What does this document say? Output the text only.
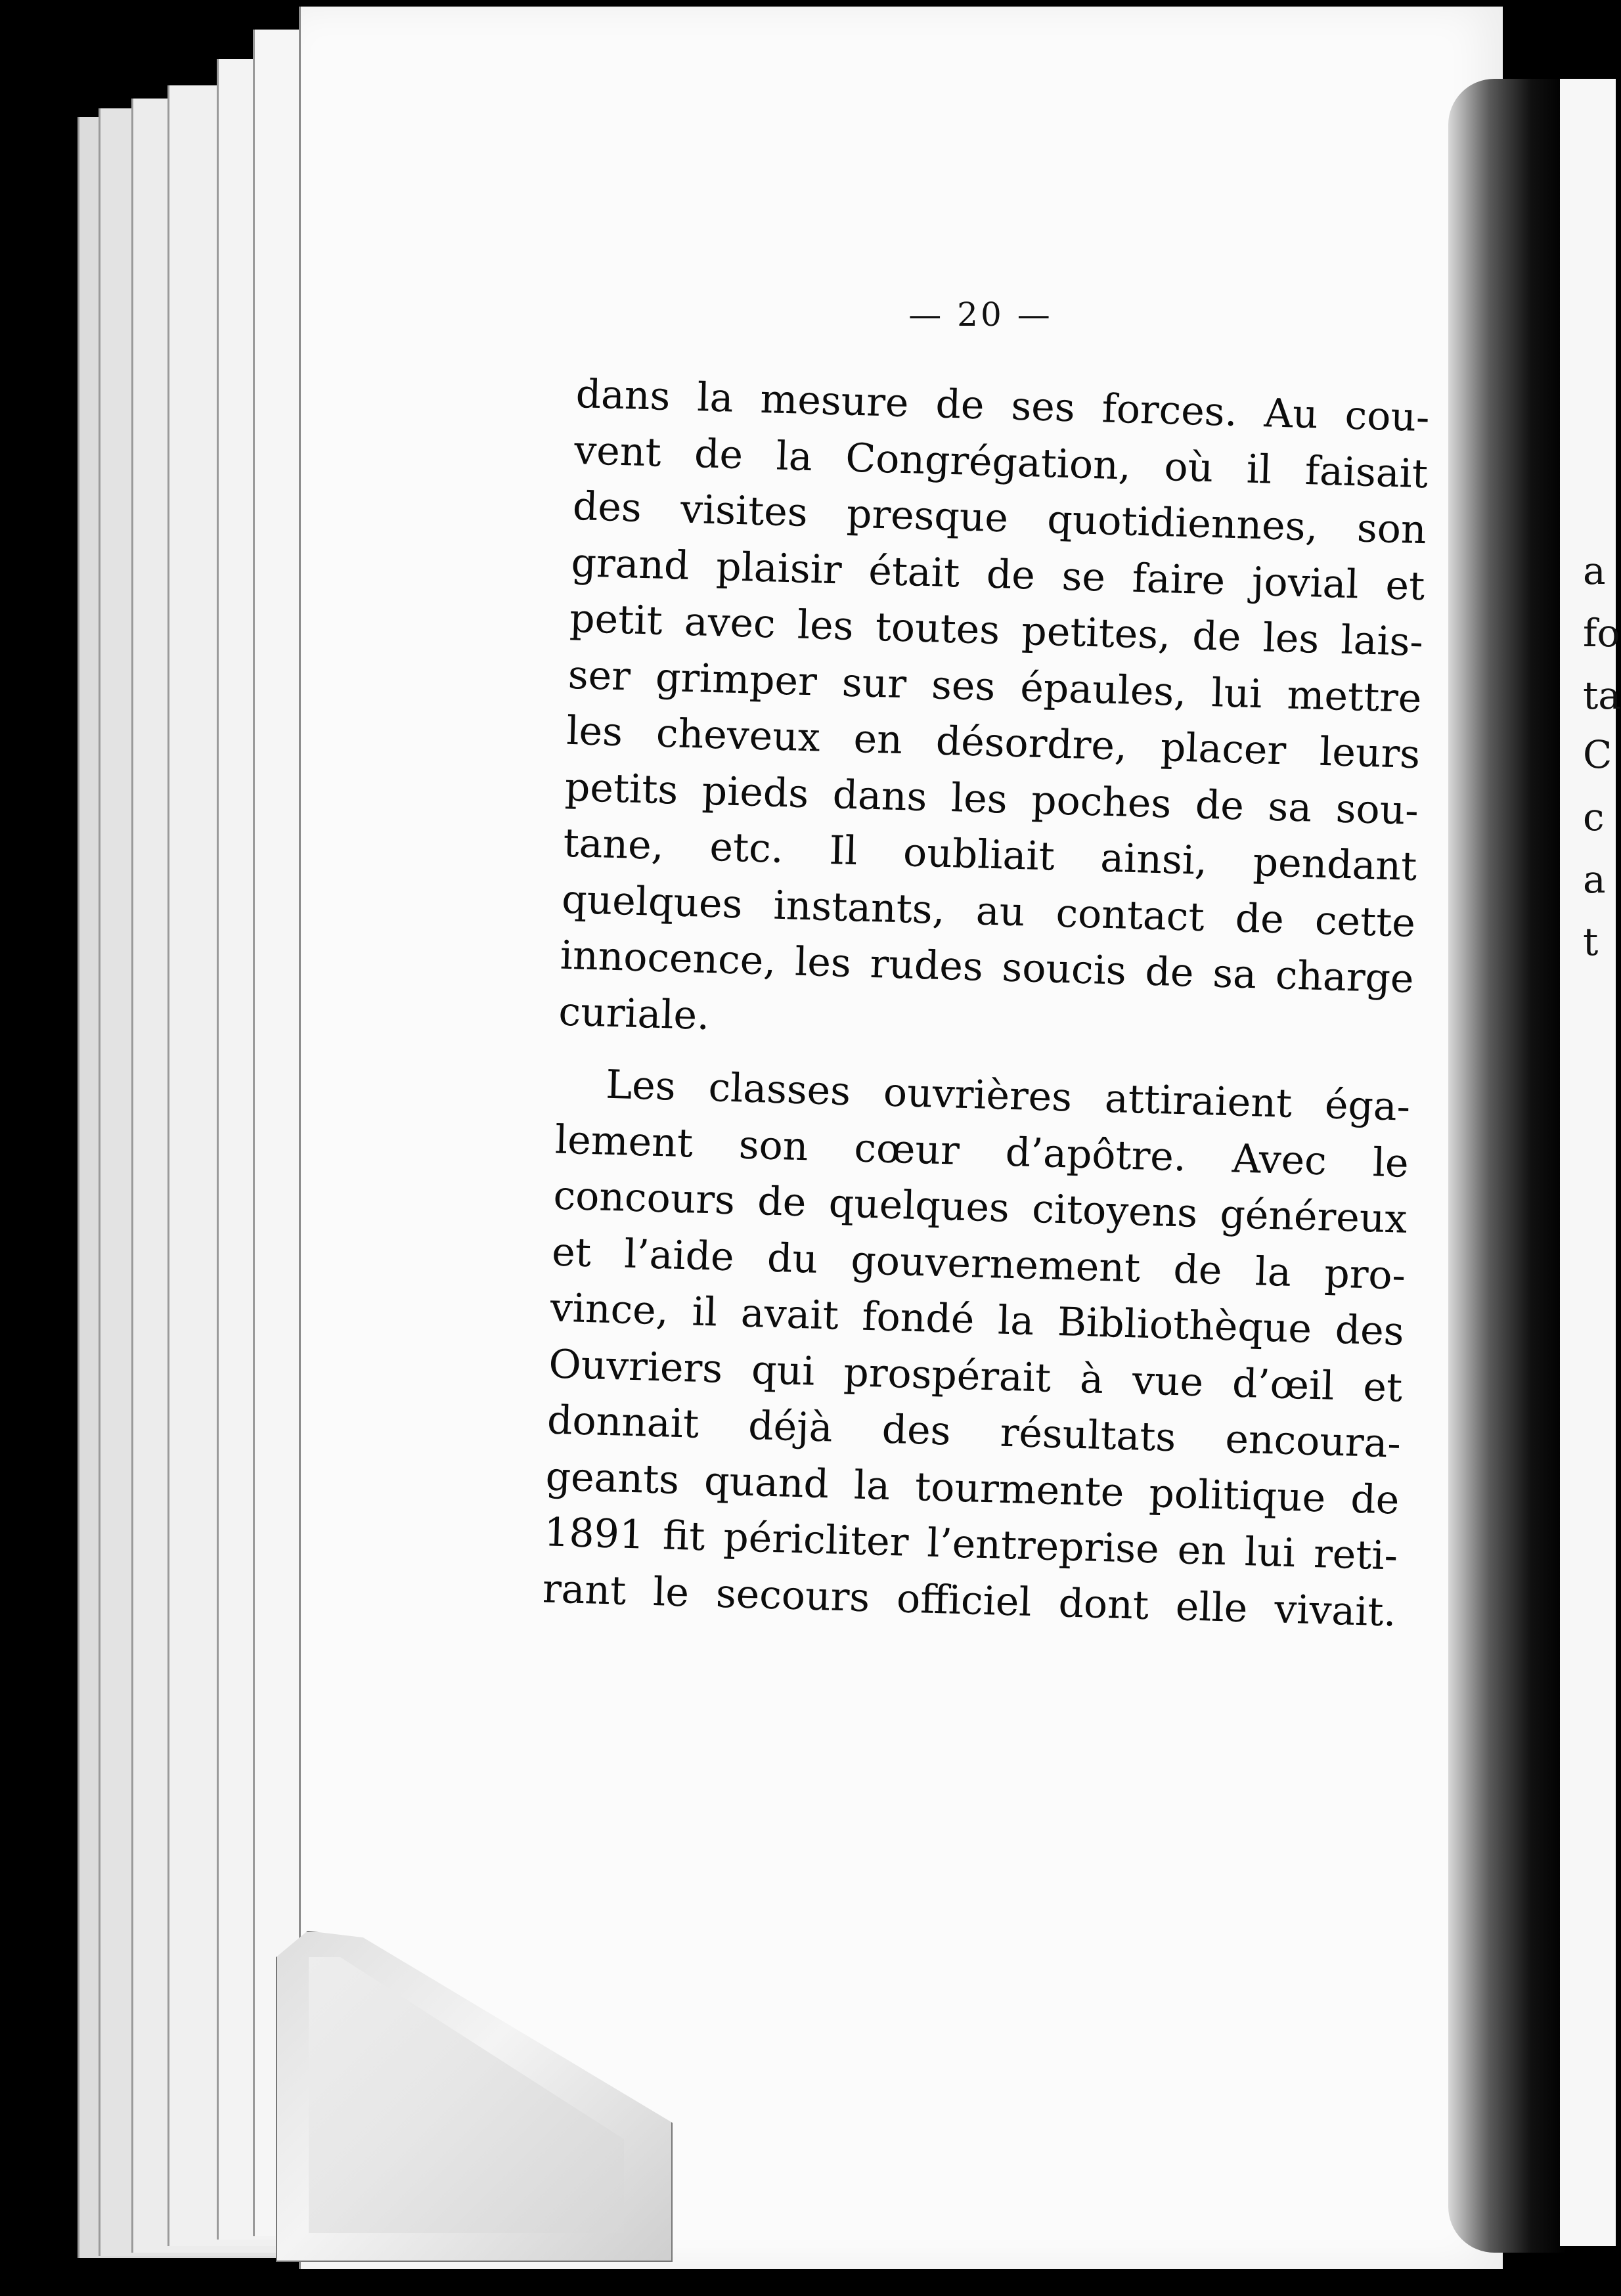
— 20 —
dans la mesure de ses forces. Au cou-
vent de la Congrégation, où il faisait
des visites presque quotidiennes, son
grand plaisir était de se faire jovial et
petit avec les toutes petites, de les lais-
ser grimper sur ses épaules, lui mettre
les cheveux en désordre, placer leurs
petits pieds dans les poches de sa sou-
tane, etc. Il oubliait ainsi, pendant
quelques instants, au contact de cette
innocence, les rudes soucis de sa charge
curiale.
Les classes ouvrières attiraient éga-
lement son cœur d’apôtre. Avec le
concours de quelques citoyens généreux
et l’aide du gouvernement de la pro-
vince, il avait fondé la Bibliothèque des
Ouvriers qui prospérait à vue d’œil et
donnait déjà des résultats encoura-
geants quand la tourmente politique de
1891 fit péricliter l’entreprise en lui reti-
rant le secours officiel dont elle vivait.
a
fo
ta
C
c
a
t
